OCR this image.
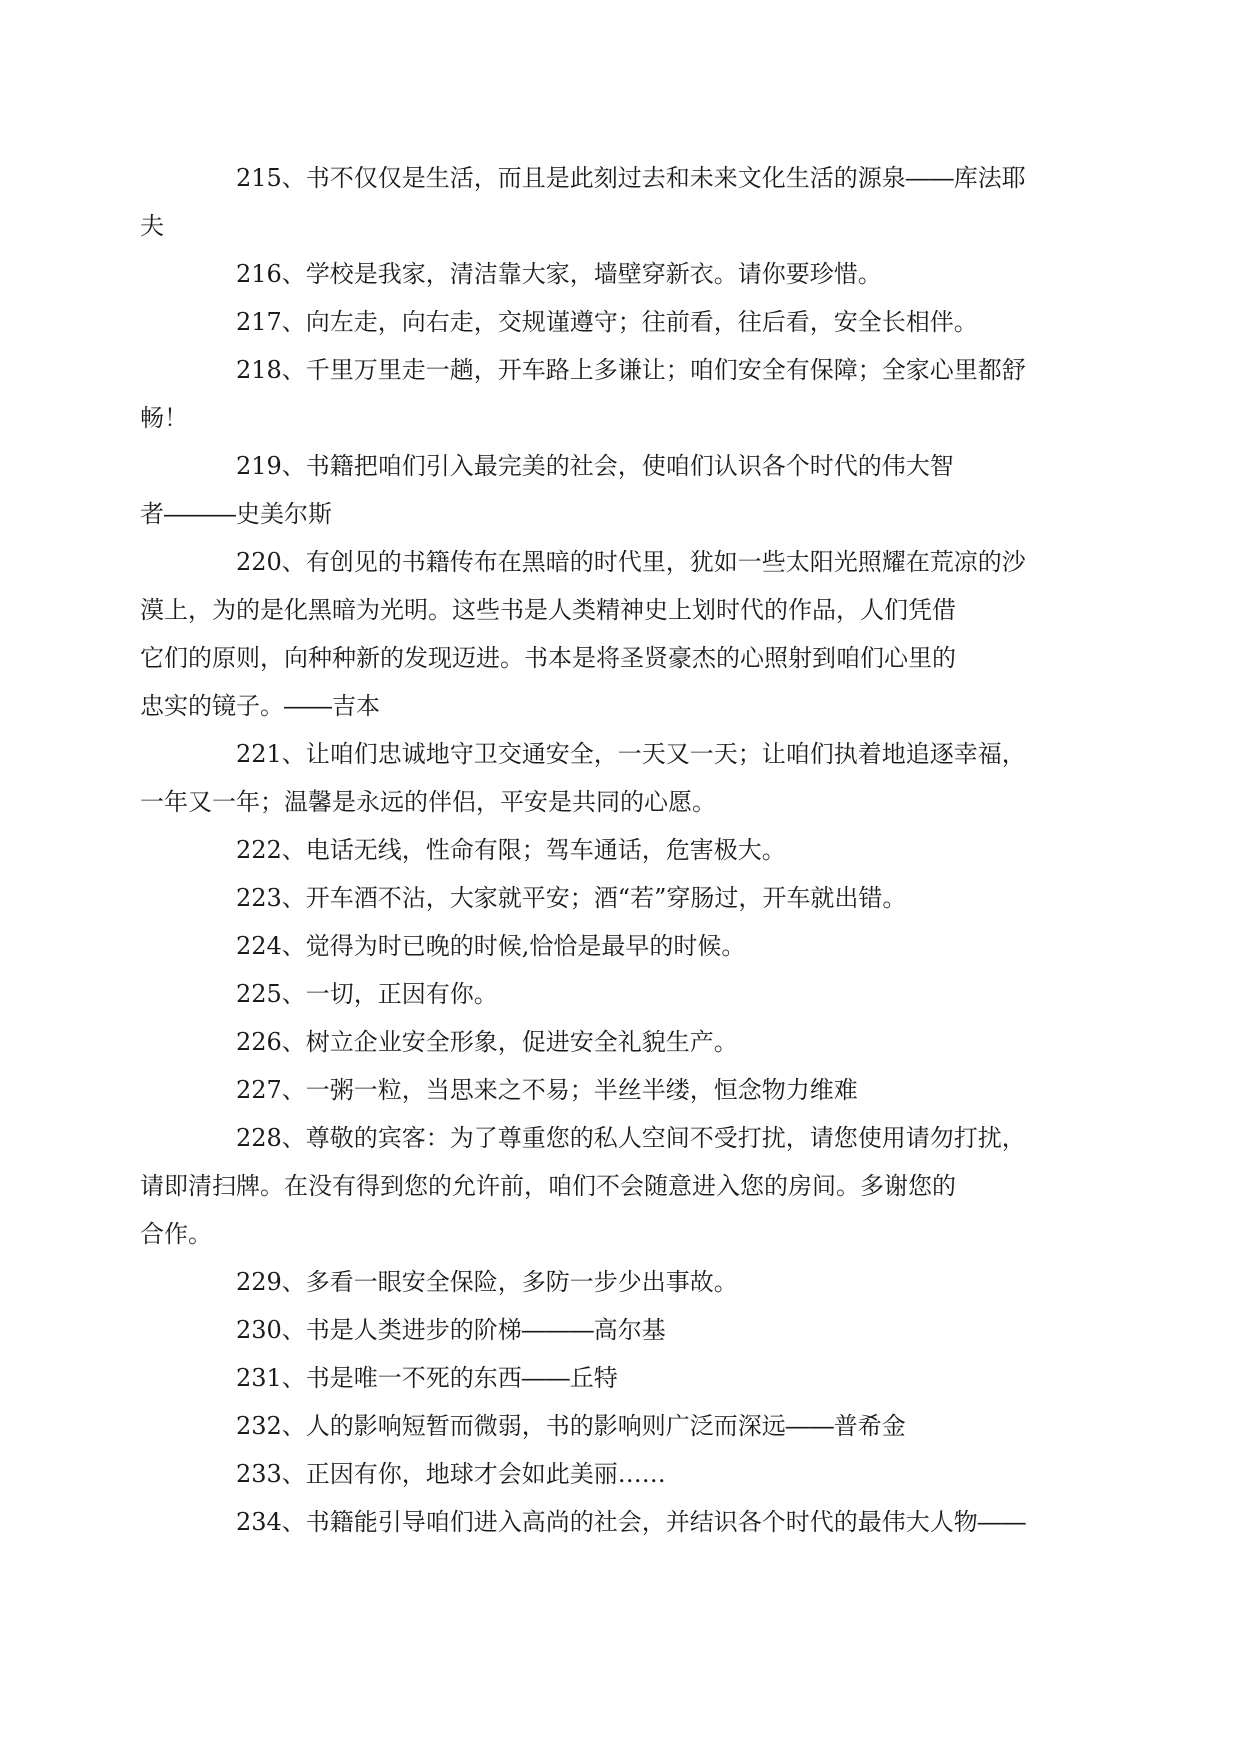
215、书不仅仅是生活，而且是此刻过去和未来文化生活的源泉――库法耶
夫
216、学校是我家，清洁靠大家，墙壁穿新衣。请你要珍惜。
217、向左走，向右走，交规谨遵守；往前看，往后看，安全长相伴。
218、千里万里走一趟，开车路上多谦让；咱们安全有保障；全家心里都舒
畅！
219、书籍把咱们引入最完美的社会，使咱们认识各个时代的伟大智
者―――史美尔斯
220、有创见的书籍传布在黑暗的时代里，犹如一些太阳光照耀在荒凉的沙
漠上，为的是化黑暗为光明。这些书是人类精神史上划时代的作品，人们凭借
它们的原则，向种种新的发现迈进。书本是将圣贤豪杰的心照射到咱们心里的
忠实的镜子。――吉本
221、让咱们忠诚地守卫交通安全，一天又一天；让咱们执着地追逐幸福，
一年又一年；温馨是永远的伴侣，平安是共同的心愿。
222、电话无线，性命有限；驾车通话，危害极大。
223、开车酒不沾，大家就平安；酒“若”穿肠过，开车就出错。
224、觉得为时已晚的时候,恰恰是最早的时候。
225、一切，正因有你。
226、树立企业安全形象，促进安全礼貌生产。
227、一粥一粒，当思来之不易；半丝半缕，恒念物力维难
228、尊敬的宾客：为了尊重您的私人空间不受打扰，请您使用请勿打扰，
请即清扫牌。在没有得到您的允许前，咱们不会随意进入您的房间。多谢您的
合作。
229、多看一眼安全保险，多防一步少出事故。
230、书是人类进步的阶梯―――高尔基
231、书是唯一不死的东西――丘特
232、人的影响短暂而微弱，书的影响则广泛而深远――普希金
233、正因有你，地球才会如此美丽……
234、书籍能引导咱们进入高尚的社会，并结识各个时代的最伟大人物――
